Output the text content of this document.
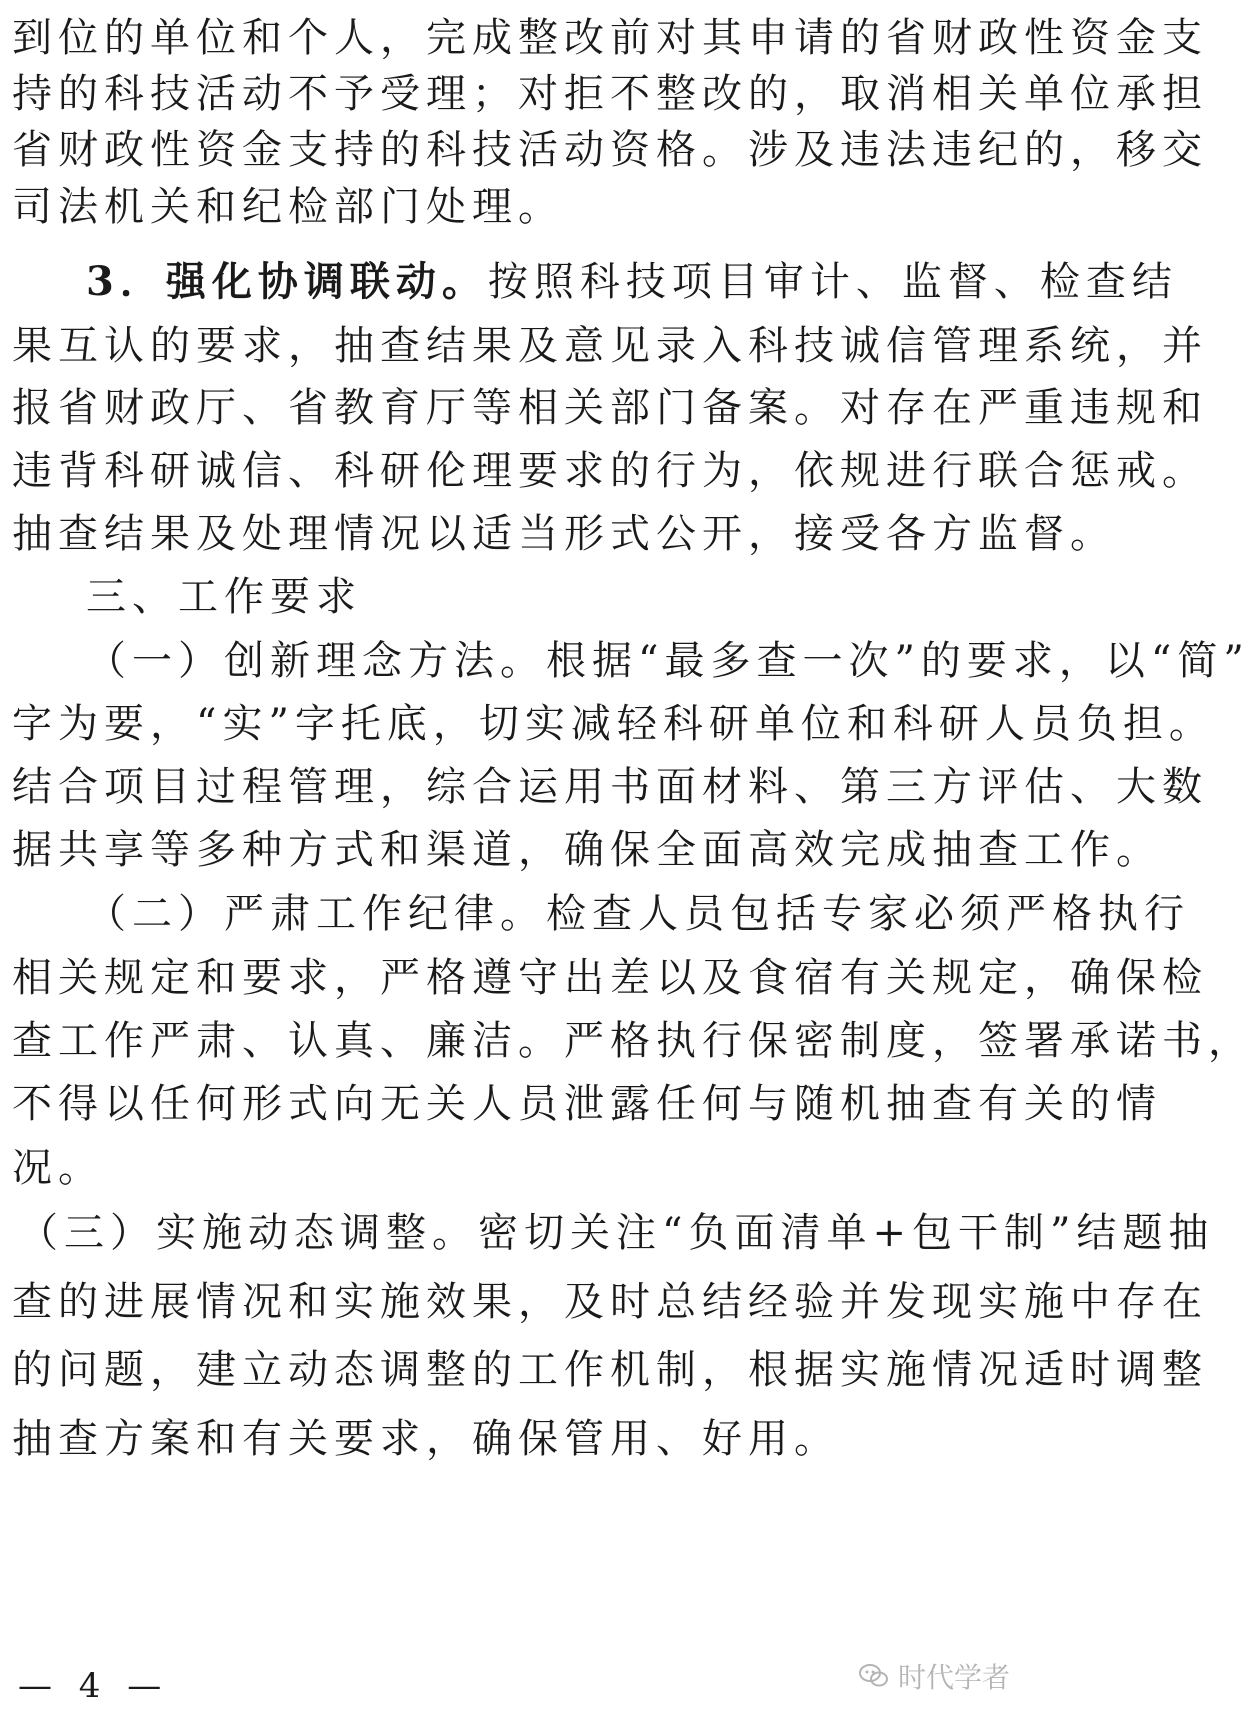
到位的单位和个人，完成整改前对其申请的省财政性资金支
持的科技活动不予受理；对拒不整改的，取消相关单位承担
省财政性资金支持的科技活动资格。涉及违法违纪的，移交
司法机关和纪检部门处理。
3．强化协调联动。按照科技项目审计、监督、检查结
果互认的要求，抽查结果及意见录入科技诚信管理系统，并
报省财政厅、省教育厅等相关部门备案。对存在严重违规和
违背科研诚信、科研伦理要求的行为，依规进行联合惩戒。
抽查结果及处理情况以适当形式公开，接受各方监督。
三、工作要求
（一）创新理念方法。根据“最多查一次”的要求，以“简”
字为要，“实”字托底，切实减轻科研单位和科研人员负担。
结合项目过程管理，综合运用书面材料、第三方评估、大数
据共享等多种方式和渠道，确保全面高效完成抽查工作。
（二）严肃工作纪律。检查人员包括专家必须严格执行
相关规定和要求，严格遵守出差以及食宿有关规定，确保检
查工作严肃、认真、廉洁。严格执行保密制度，签署承诺书，
不得以任何形式向无关人员泄露任何与随机抽查有关的情
况。
（三）实施动态调整。密切关注“负面清单+包干制”结题抽
查的进展情况和实施效果，及时总结经验并发现实施中存在
的问题，建立动态调整的工作机制，根据实施情况适时调整
抽查方案和有关要求，确保管用、好用。
— 4 —	时代学者
